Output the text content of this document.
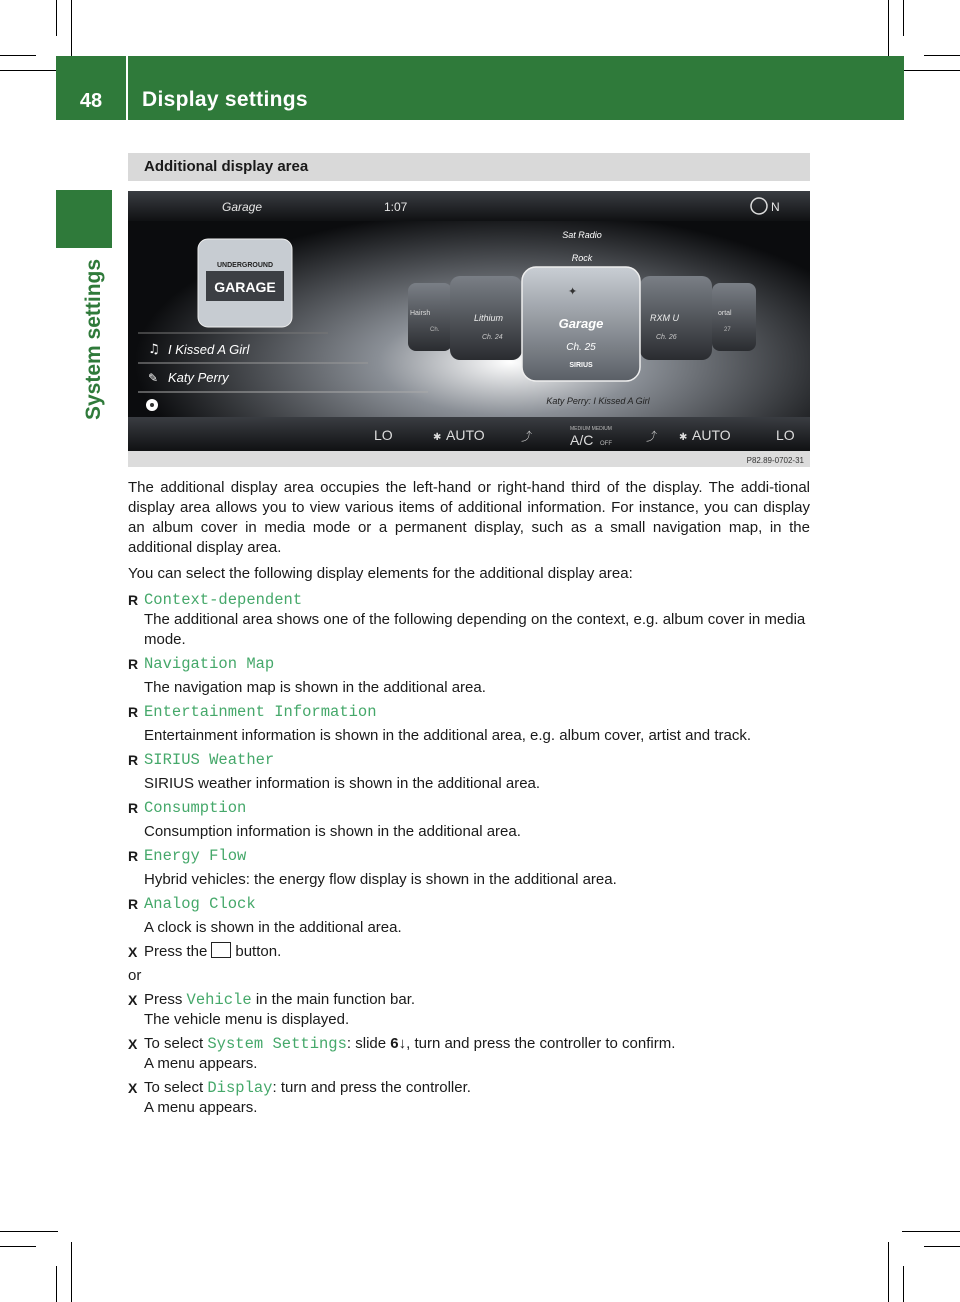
48	Display settings
System settings
Additional display area
Garage	1:07	N
UNDERGROUND
GARAGE
♫ I Kissed A Girl
✎ Katy Perry
Sat Radio
Rock
Hairsh
Ch.
Lithium
Ch. 24
RXM U
Ch. 26
ortal
27
✦
Garage
Ch. 25
SIRIUS
Katy Perry: I Kissed A Girl
LO	✱ AUTO	⤴
MEDIUM MEDIUM
A/C OFF
⤴ ✱ AUTO	LO
P82.89-0702-31

The additional display area occupies the left-hand or right-hand third of the display. The addi-tional display area allows you to view various items of additional information. For instance, you can display an album cover in media mode or a permanent display, such as a small navigation map, in the additional display area.

You can select the following display elements for the additional display area:

R Context-dependent

The additional area shows one of the following depending on the context, e.g. album cover in media mode.

R Navigation Map

The navigation map is shown in the additional area.

R Entertainment Information

Entertainment information is shown in the additional area, e.g. album cover, artist and track.

R SIRIUS Weather

SIRIUS weather information is shown in the additional area.

R Consumption

Consumption information is shown in the additional area.

R Energy Flow

Hybrid vehicles: the energy flow display is shown in the additional area.

R Analog Clock

A clock is shown in the additional area.

X Press the button.

or

X Press Vehicle in the main function bar.

The vehicle menu is displayed.

X To select System Settings: slide 6↓, turn and press the controller to confirm.

A menu appears.

X To select Display: turn and press the controller.

A menu appears.
